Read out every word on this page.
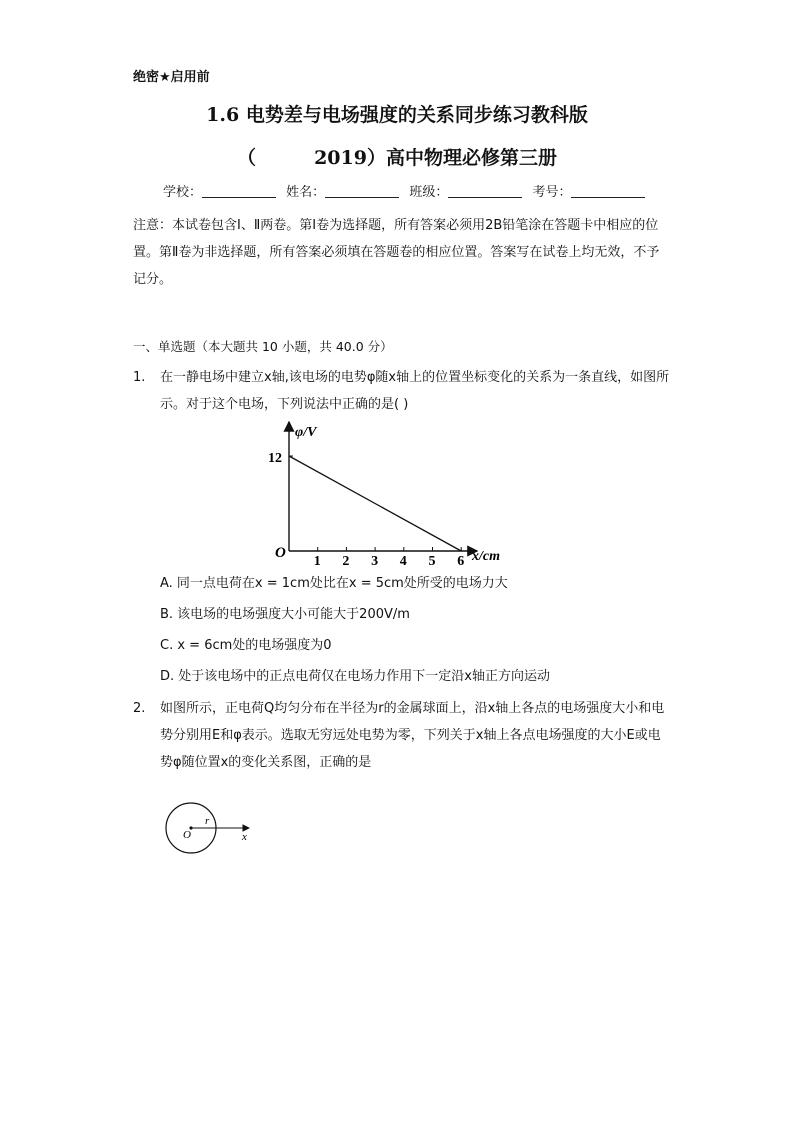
绝密★启用前
1.6 电势差与电场强度的关系同步练习教科版
（	2019）高中物理必修第三册
学校：	姓名：	班级：	考号：
注意：本试卷包含Ⅰ、Ⅱ两卷。第Ⅰ卷为选择题，所有答案必须用2B铅笔涂在答题卡中相应的位置。第Ⅱ卷为非选择题，所有答案必须填在答题卷的相应位置。答案写在试卷上均无效，不予记分。
一、单选题（本大题共 10 小题，共 40.0 分）
1. 在一静电场中建立x轴,该电场的电势φ随x轴上的位置坐标变化的关系为一条直线，如图所示。对于这个电场，下列说法中正确的是( )
φ/V
x/cm
O
12
1 2 3 4 5 6
A. 同一点电荷在x = 1cm处比在x = 5cm处所受的电场力大
B. 该电场的电场强度大小可能大于200V/m
C. x = 6cm处的电场强度为0
D. 处于该电场中的正点电荷仅在电场力作用下一定沿x轴正方向运动
2. 如图所示，正电荷Q均匀分布在半径为r的金属球面上，沿x轴上各点的电场强度大小和电势分别用E和φ表示。选取无穷远处电势为零，下列关于x轴上各点电场强度的大小E或电势φ随位置x的变化关系图，正确的是
O
r
x
